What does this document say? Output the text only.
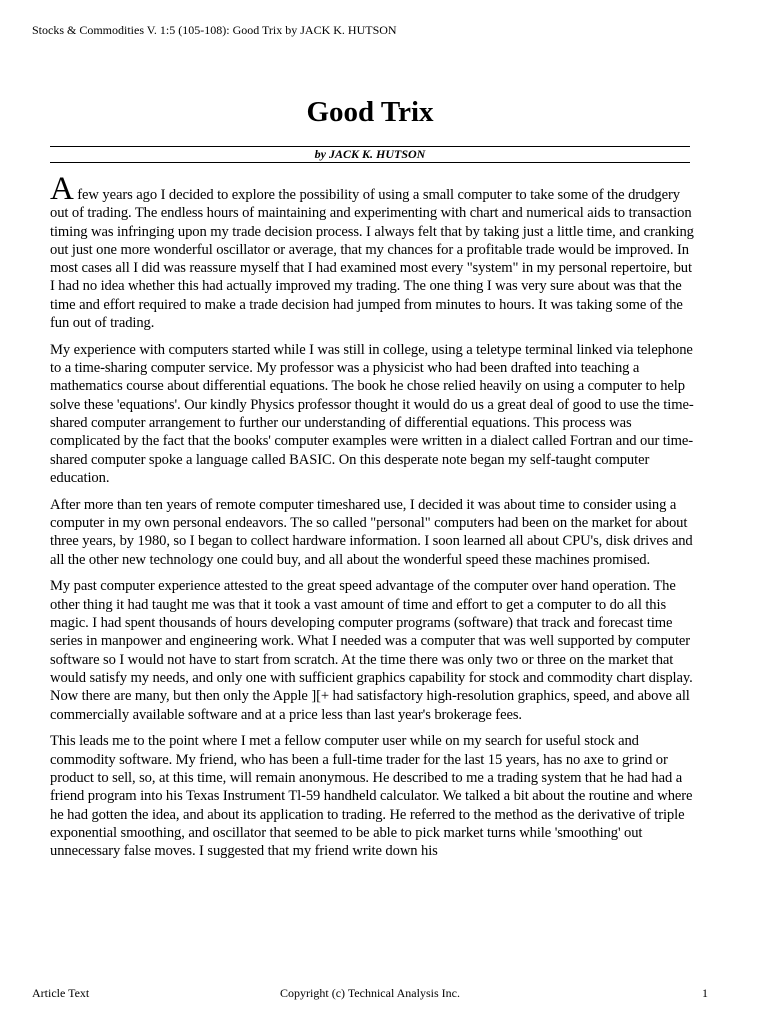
Stocks & Commodities V. 1:5 (105-108): Good Trix by JACK K. HUTSON
Good Trix
by JACK K. HUTSON

A few years ago I decided to explore the possibility of using a small computer to take some of the drudgery out of trading. The endless hours of maintaining and experimenting with chart and numerical aids to transaction timing was infringing upon my trade decision process. I always felt that by taking just a little time, and cranking out just one more wonderful oscillator or average, that my chances for a profitable trade would be improved. In most cases all I did was reassure myself that I had examined most every "system" in my personal repertoire, but I had no idea whether this had actually improved my trading. The one thing I was very sure about was that the time and effort required to make a trade decision had jumped from minutes to hours. It was taking some of the fun out of trading.

My experience with computers started while I was still in college, using a teletype terminal linked via telephone to a time-sharing computer service. My professor was a physicist who had been drafted into teaching a mathematics course about differential equations. The book he chose relied heavily on using a computer to help solve these 'equations'. Our kindly Physics professor thought it would do us a great deal of good to use the time-shared computer arrangement to further our understanding of differential equations. This process was complicated by the fact that the books' computer examples were written in a dialect called Fortran and our time-shared computer spoke a language called BASIC. On this desperate note began my self-taught computer education.

After more than ten years of remote computer timeshared use, I decided it was about time to consider using a computer in my own personal endeavors. The so called "personal" computers had been on the market for about three years, by 1980, so I began to collect hardware information. I soon learned all about CPU's, disk drives and all the other new technology one could buy, and all about the wonderful speed these machines promised.

My past computer experience attested to the great speed advantage of the computer over hand operation. The other thing it had taught me was that it took a vast amount of time and effort to get a computer to do all this magic. I had spent thousands of hours developing computer programs (software) that track and forecast time series in manpower and engineering work. What I needed was a computer that was well supported by computer software so I would not have to start from scratch. At the time there was only two or three on the market that would satisfy my needs, and only one with sufficient graphics capability for stock and commodity chart display. Now there are many, but then only the Apple ][+ had satisfactory high-resolution graphics, speed, and above all commercially available software and at a price less than last year's brokerage fees.

This leads me to the point where I met a fellow computer user while on my search for useful stock and commodity software. My friend, who has been a full-time trader for the last 15 years, has no axe to grind or product to sell, so, at this time, will remain anonymous. He described to me a trading system that he had had a friend program into his Texas Instrument Tl-59 handheld calculator. We talked a bit about the routine and where he had gotten the idea, and about its application to trading. He referred to the method as the derivative of triple exponential smoothing, and oscillator that seemed to be able to pick market turns while 'smoothing' out unnecessary false moves. I suggested that my friend write down his

Article Text	Copyright (c) Technical Analysis Inc.	1
